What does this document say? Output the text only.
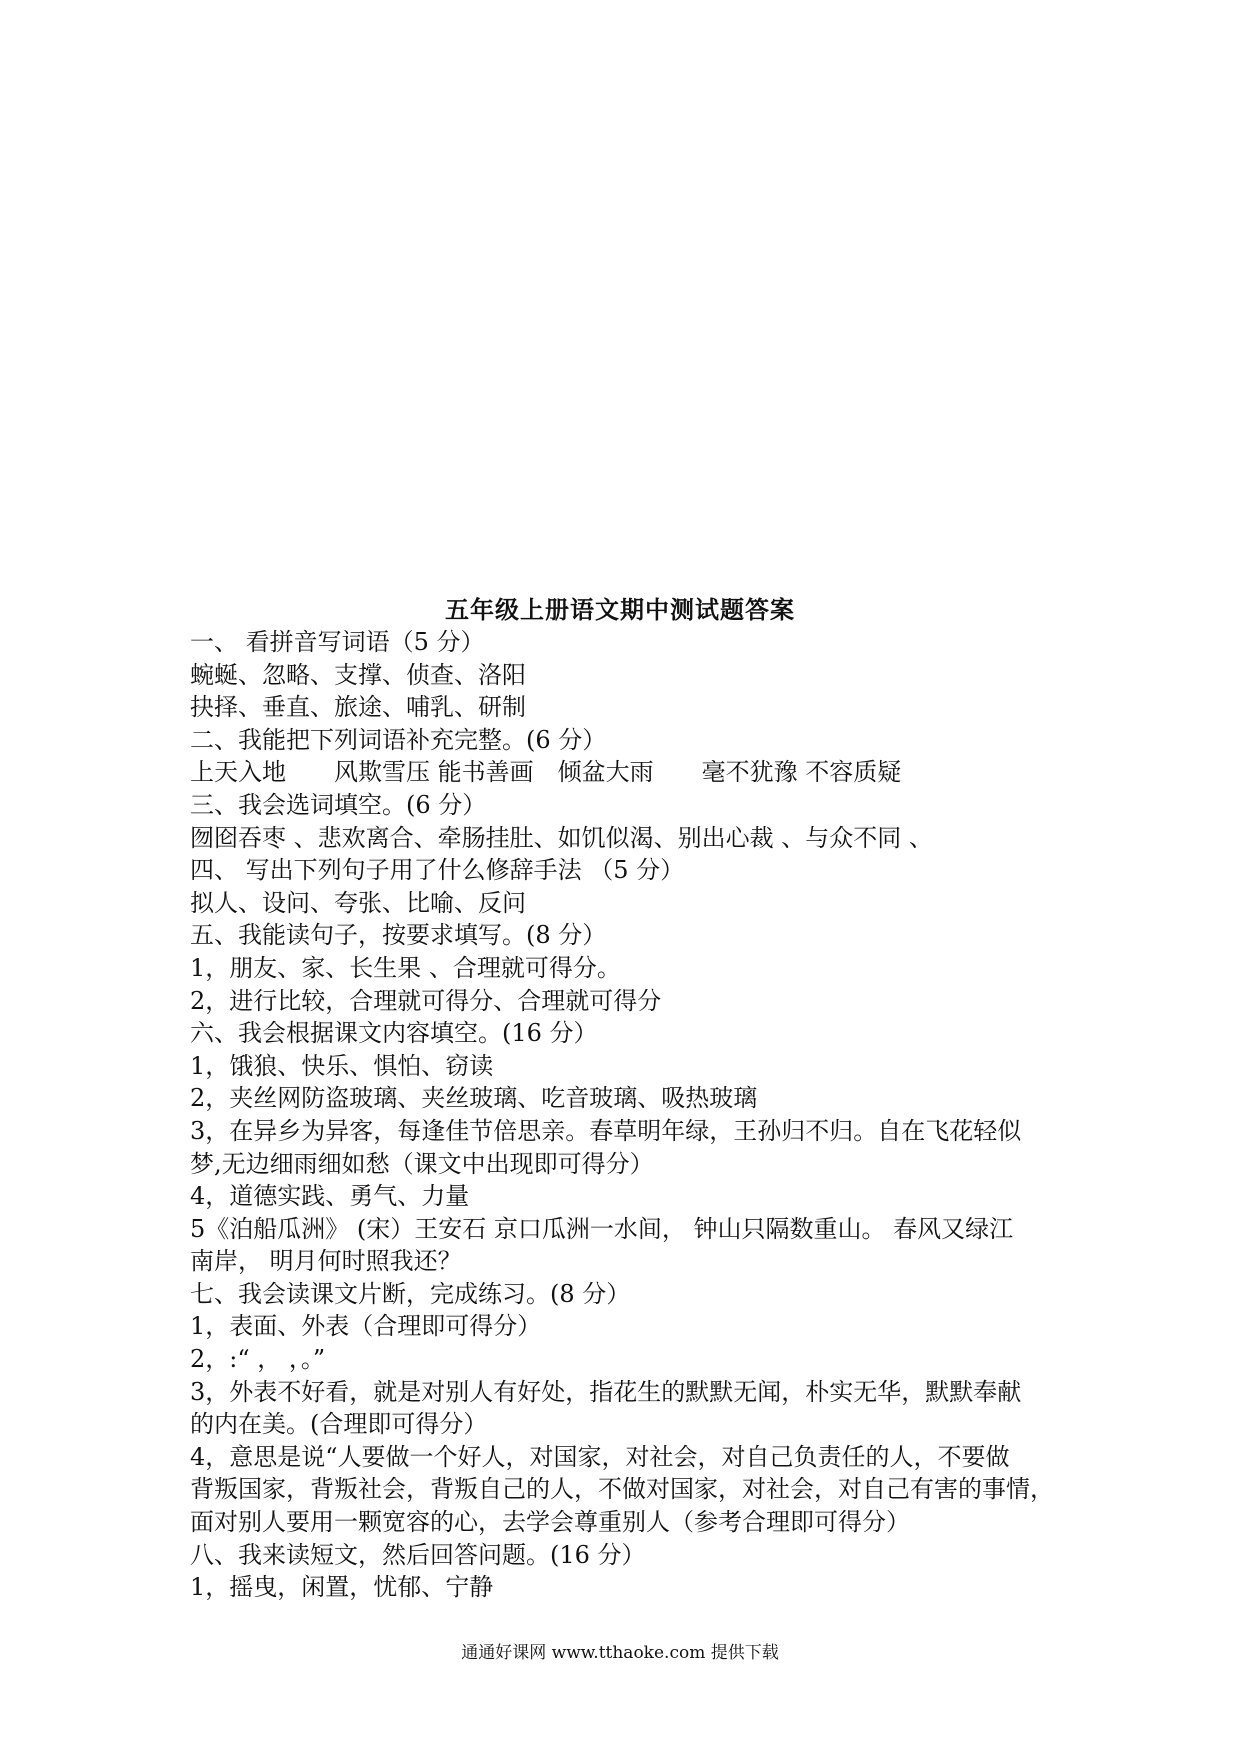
五年级上册语文期中测试题答案
一、 看拼音写词语（5 分）
蜿蜒、忽略、支撑、侦查、洛阳
抉择、垂直、旅途、哺乳、研制
二、我能把下列词语补充完整。(6 分）
上天入地　　风欺雪压 能书善画　倾盆大雨　　毫不犹豫 不容质疑
三、我会选词填空。(6 分）
囫囵吞枣 、悲欢离合、牵肠挂肚、如饥似渴、别出心裁 、与众不同 、
四、 写出下列句子用了什么修辞手法 （5 分）
拟人、设问、夸张、比喻、反问
五、我能读句子，按要求填写。(8 分）
1，朋友、家、长生果 、合理就可得分。
2，进行比较，合理就可得分、合理就可得分
六、我会根据课文内容填空。(16 分）
1，饿狼、快乐、惧怕、窃读
2，夹丝网防盗玻璃、夹丝玻璃、吃音玻璃、吸热玻璃
3，在异乡为异客，每逢佳节倍思亲。春草明年绿，王孙归不归。自在飞花轻似
梦,无边细雨细如愁（课文中出现即可得分）
4，道德实践、勇气、力量
5《泊船瓜洲》 (宋）王安石 京口瓜洲一水间， 钟山只隔数重山。 春风又绿江
南岸， 明月何时照我还？
七、我会读课文片断，完成练习。(8 分）
1，表面、外表（合理即可得分）
2，:“ ， ，。”
3，外表不好看，就是对别人有好处，指花生的默默无闻，朴实无华，默默奉献
的内在美。(合理即可得分）
4，意思是说“人要做一个好人，对国家，对社会，对自己负责任的人，不要做
背叛国家，背叛社会，背叛自己的人，不做对国家，对社会，对自己有害的事情，
面对别人要用一颗宽容的心，去学会尊重别人（参考合理即可得分）
八、我来读短文，然后回答问题。(16 分）
1，摇曳，闲置，忧郁、宁静
通通好课网 www.tthaoke.com 提供下载
